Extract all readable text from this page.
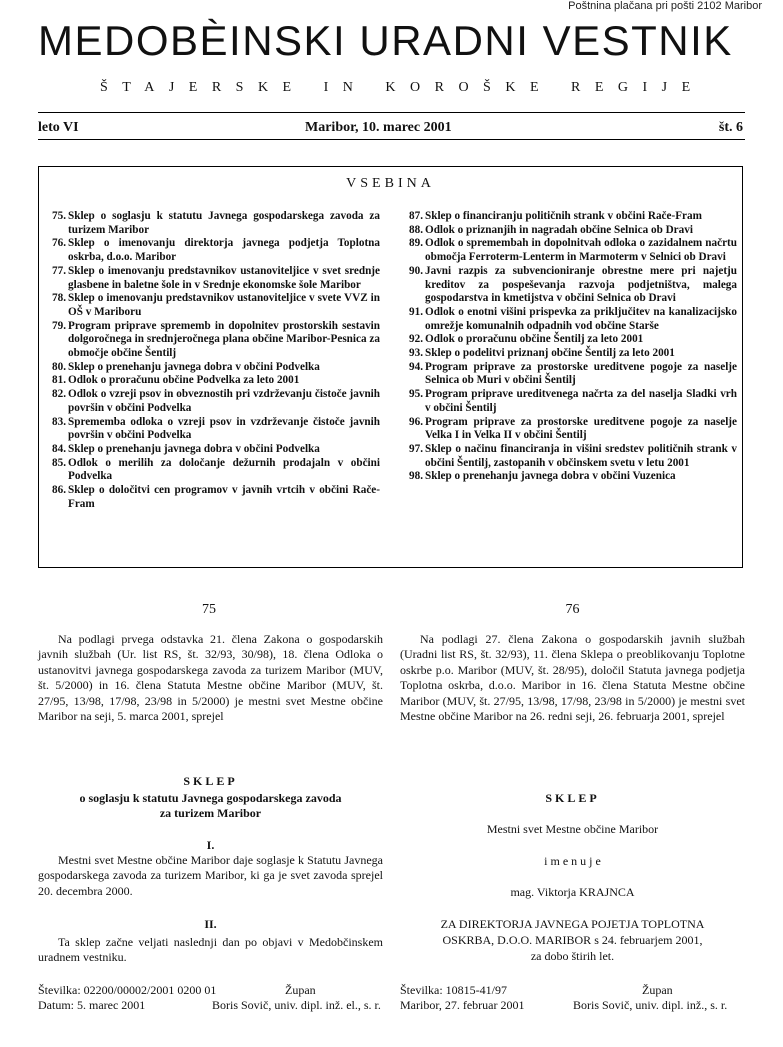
Poštnina plačana pri pošti 2102 Maribor
MEDOBÈINSKI URADNI VESTNIK
ŠTAJERSKE IN KOROŠKE REGIJE
leto VI	Maribor, 10. marec 2001	št. 6
VSEBINA
75. Sklep o soglasju k statutu Javnega gospodarskega zavoda za turizem Maribor
76. Sklep o imenovanju direktorja javnega podjetja Toplotna oskrba, d.o.o. Maribor
77. Sklep o imenovanju predstavnikov ustanoviteljice v svet srednje glasbene in baletne šole in v Srednje ekonomske šole Maribor
78. Sklep o imenovanju predstavnikov ustanoviteljice v svete VVZ in OŠ v Mariboru
79. Program priprave sprememb in dopolnitev prostorskih sestavin dolgoročnega in srednjeročnega plana občine Maribor-Pesnica za območje občine Šentilj
80. Sklep o prenehanju javnega dobra v občini Podvelka
81. Odlok o proračunu občine Podvelka za leto 2001
82. Odlok o vzreji psov in obveznostih pri vzdrževanju čistoče javnih površin v občini Podvelka
83. Sprememba odloka o vzreji psov in vzdrževanje čistoče javnih površin v občini Podvelka
84. Sklep o prenehanju javnega dobra v občini Podvelka
85. Odlok o merilih za določanje dežurnih prodajaln v občini Podvelka
86. Sklep o določitvi cen programov v javnih vrtcih v občini Rače-Fram
87. Sklep o financiranju političnih strank v občini Rače-Fram
88. Odlok o priznanjih in nagradah občine Selnica ob Dravi
89. Odlok o spremembah in dopolnitvah odloka o zazidalnem načrtu območja Ferroterm-Lenterm in Marmoterm v Selnici ob Dravi
90. Javni razpis za subvencioniranje obrestne mere pri najetju kreditov za pospeševanja razvoja podjetništva, malega gospodarstva in kmetijstva v občini Selnica ob Dravi
91. Odlok o enotni višini prispevka za priključitev na kanalizacijsko omrežje komunalnih odpadnih vod občine Starše
92. Odlok o proračunu občine Šentilj za leto 2001
93. Sklep o podelitvi priznanj občine Šentilj za leto 2001
94. Program priprave za prostorske ureditvene pogoje za naselje Selnica ob Muri v občini Šentilj
95. Program priprave ureditvenega načrta za del naselja Sladki vrh v občini Šentilj
96. Program priprave za prostorske ureditvene pogoje za naselje Velka I in Velka II v občini Šentilj
97. Sklep o načinu financiranja in višini sredstev političnih strank v občini Šentilj, zastopanih v občinskem svetu v letu 2001
98. Sklep o prenehanju javnega dobra v občini Vuzenica
75
Na podlagi prvega odstavka 21. člena Zakona o gospodarskih javnih službah (Ur. list RS, št. 32/93, 30/98), 18. člena Odloka o ustanovitvi javnega gospodarskega zavoda za turizem Maribor (MUV, št. 5/2000) in 16. člena Statuta Mestne občine Maribor (MUV, št. 27/95, 13/98, 17/98, 23/98 in 5/2000) je mestni svet Mestne občine Maribor na seji, 5. marca 2001, sprejel
SKLEP
o soglasju k statutu Javnega gospodarskega zavoda
za turizem Maribor
I.
Mestni svet Mestne občine Maribor daje soglasje k Statutu Javnega gospodarskega zavoda za turizem Maribor, ki ga je svet zavoda sprejel 20. decembra 2000.
II.
Ta sklep začne veljati naslednji dan po objavi v Medobčinskem uradnem vestniku.
Številka: 02200/00002/2001 0200 01	Župan
Datum: 5. marec 2001	Boris Sovič, univ. dipl. inž. el., s. r.
76
Na podlagi 27. člena Zakona o gospodarskih javnih službah (Uradni list RS, št. 32/93), 11. člena Sklepa o preoblikovanju Toplotne oskrbe p.o. Maribor (MUV, št. 28/95), določil Statuta javnega podjetja Toplotna oskrba, d.o.o. Maribor in 16. člena Statuta Mestne občine Maribor (MUV, št. 27/95, 13/98, 17/98, 23/98 in 5/2000) je mestni svet Mestne občine Maribor na 26. redni seji, 26. februarja 2001, sprejel
SKLEP
Mestni svet Mestne občine Maribor
i m e n u j e
mag. Viktorja KRAJNCA
ZA DIREKTORJA JAVNEGA POJETJA TOPLOTNA
OSKRBA, D.O.O. MARIBOR s 24. februarjem 2001,
za dobo štirih let.
Številka: 10815-41/97	Župan
Maribor, 27. februar 2001	Boris Sovič, univ. dipl. inž., s. r.
